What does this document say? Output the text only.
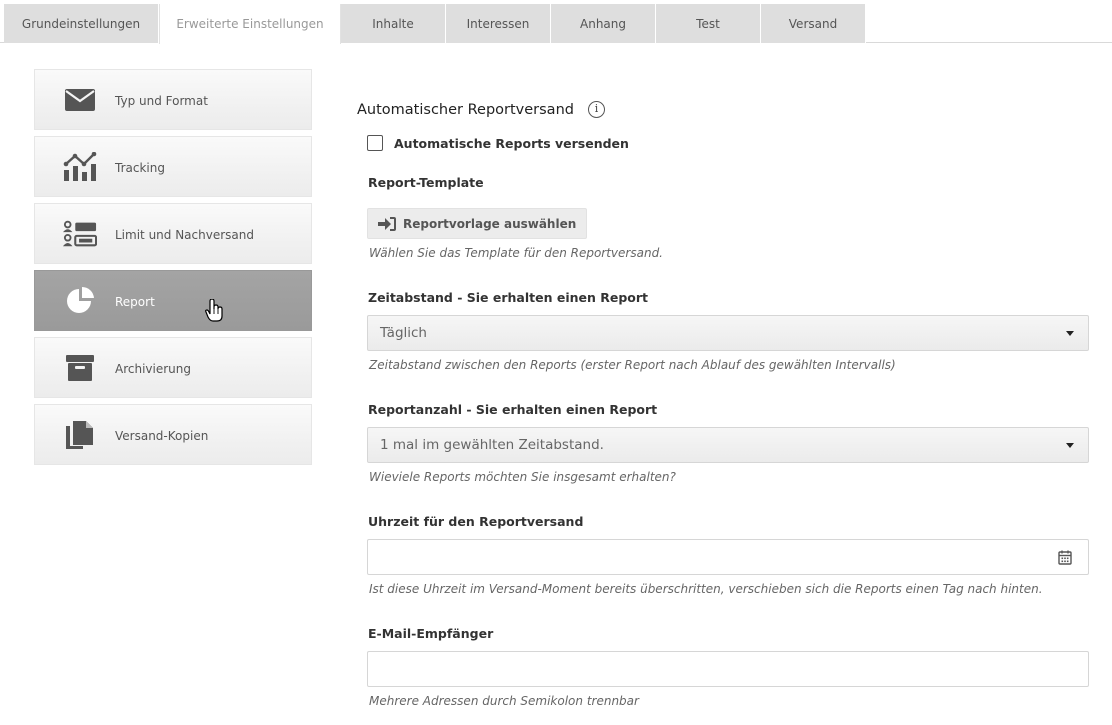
Grundeinstellungen	Erweiterte Einstellungen	Inhalte	Interessen	Anhang	Test	Versand
Typ und Format
Tracking
Limit und Nachversand
Report
Archivierung
Versand-Kopien
Automatischer Reportversand	i
Automatische Reports versenden
Report-Template
Reportvorlage auswählen
Wählen Sie das Template für den Reportversand.
Zeitabstand - Sie erhalten einen Report
Täglich
Zeitabstand zwischen den Reports (erster Report nach Ablauf des gewählten Intervalls)
Reportanzahl - Sie erhalten einen Report
1 mal im gewählten Zeitabstand.
Wieviele Reports möchten Sie insgesamt erhalten?
Uhrzeit für den Reportversand
Ist diese Uhrzeit im Versand-Moment bereits überschritten, verschieben sich die Reports einen Tag nach hinten.
E-Mail-Empfänger
Mehrere Adressen durch Semikolon trennbar
